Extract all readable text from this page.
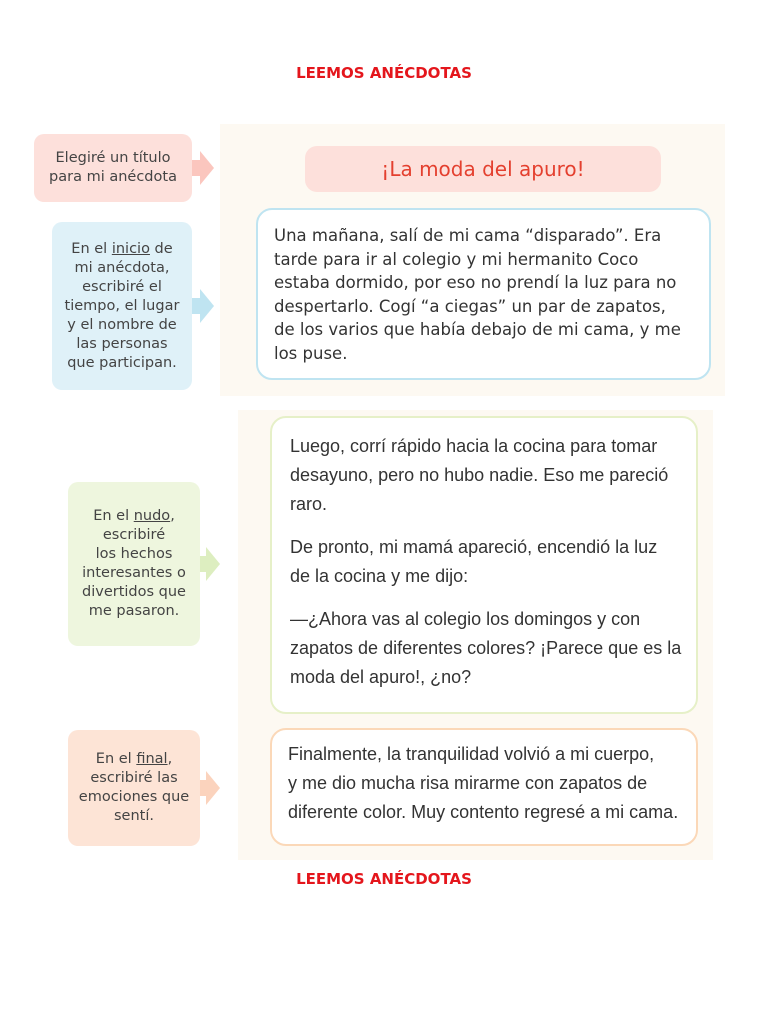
LEEMOS ANÉCDOTAS
Elegiré un título
para mi anécdota
En el inicio de
mi anécdota,
escribiré el
tiempo, el lugar
y el nombre de
las personas
que participan.
En el nudo,
escribiré
los hechos
interesantes o
divertidos que
me pasaron.
En el final,
escribiré las
emociones que
sentí.
¡La moda del apuro!

Una mañana, salí de mi cama “disparado”. Era

tarde para ir al colegio y mi hermanito Coco

estaba dormido, por eso no prendí la luz para no

despertarlo. Cogí “a ciegas” un par de zapatos,

de los varios que había debajo de mi cama, y me

los puse.

Luego, corrí rápido hacia la cocina para tomar

desayuno, pero no hubo nadie. Eso me pareció

raro.

De pronto, mi mamá apareció, encendió la luz

de la cocina y me dijo:

—¿Ahora vas al colegio los domingos y con

zapatos de diferentes colores? ¡Parece que es la

moda del apuro!, ¿no?

Finalmente, la tranquilidad volvió a mi cuerpo,

y me dio mucha risa mirarme con zapatos de

diferente color. Muy contento regresé a mi cama.

LEEMOS ANÉCDOTAS
